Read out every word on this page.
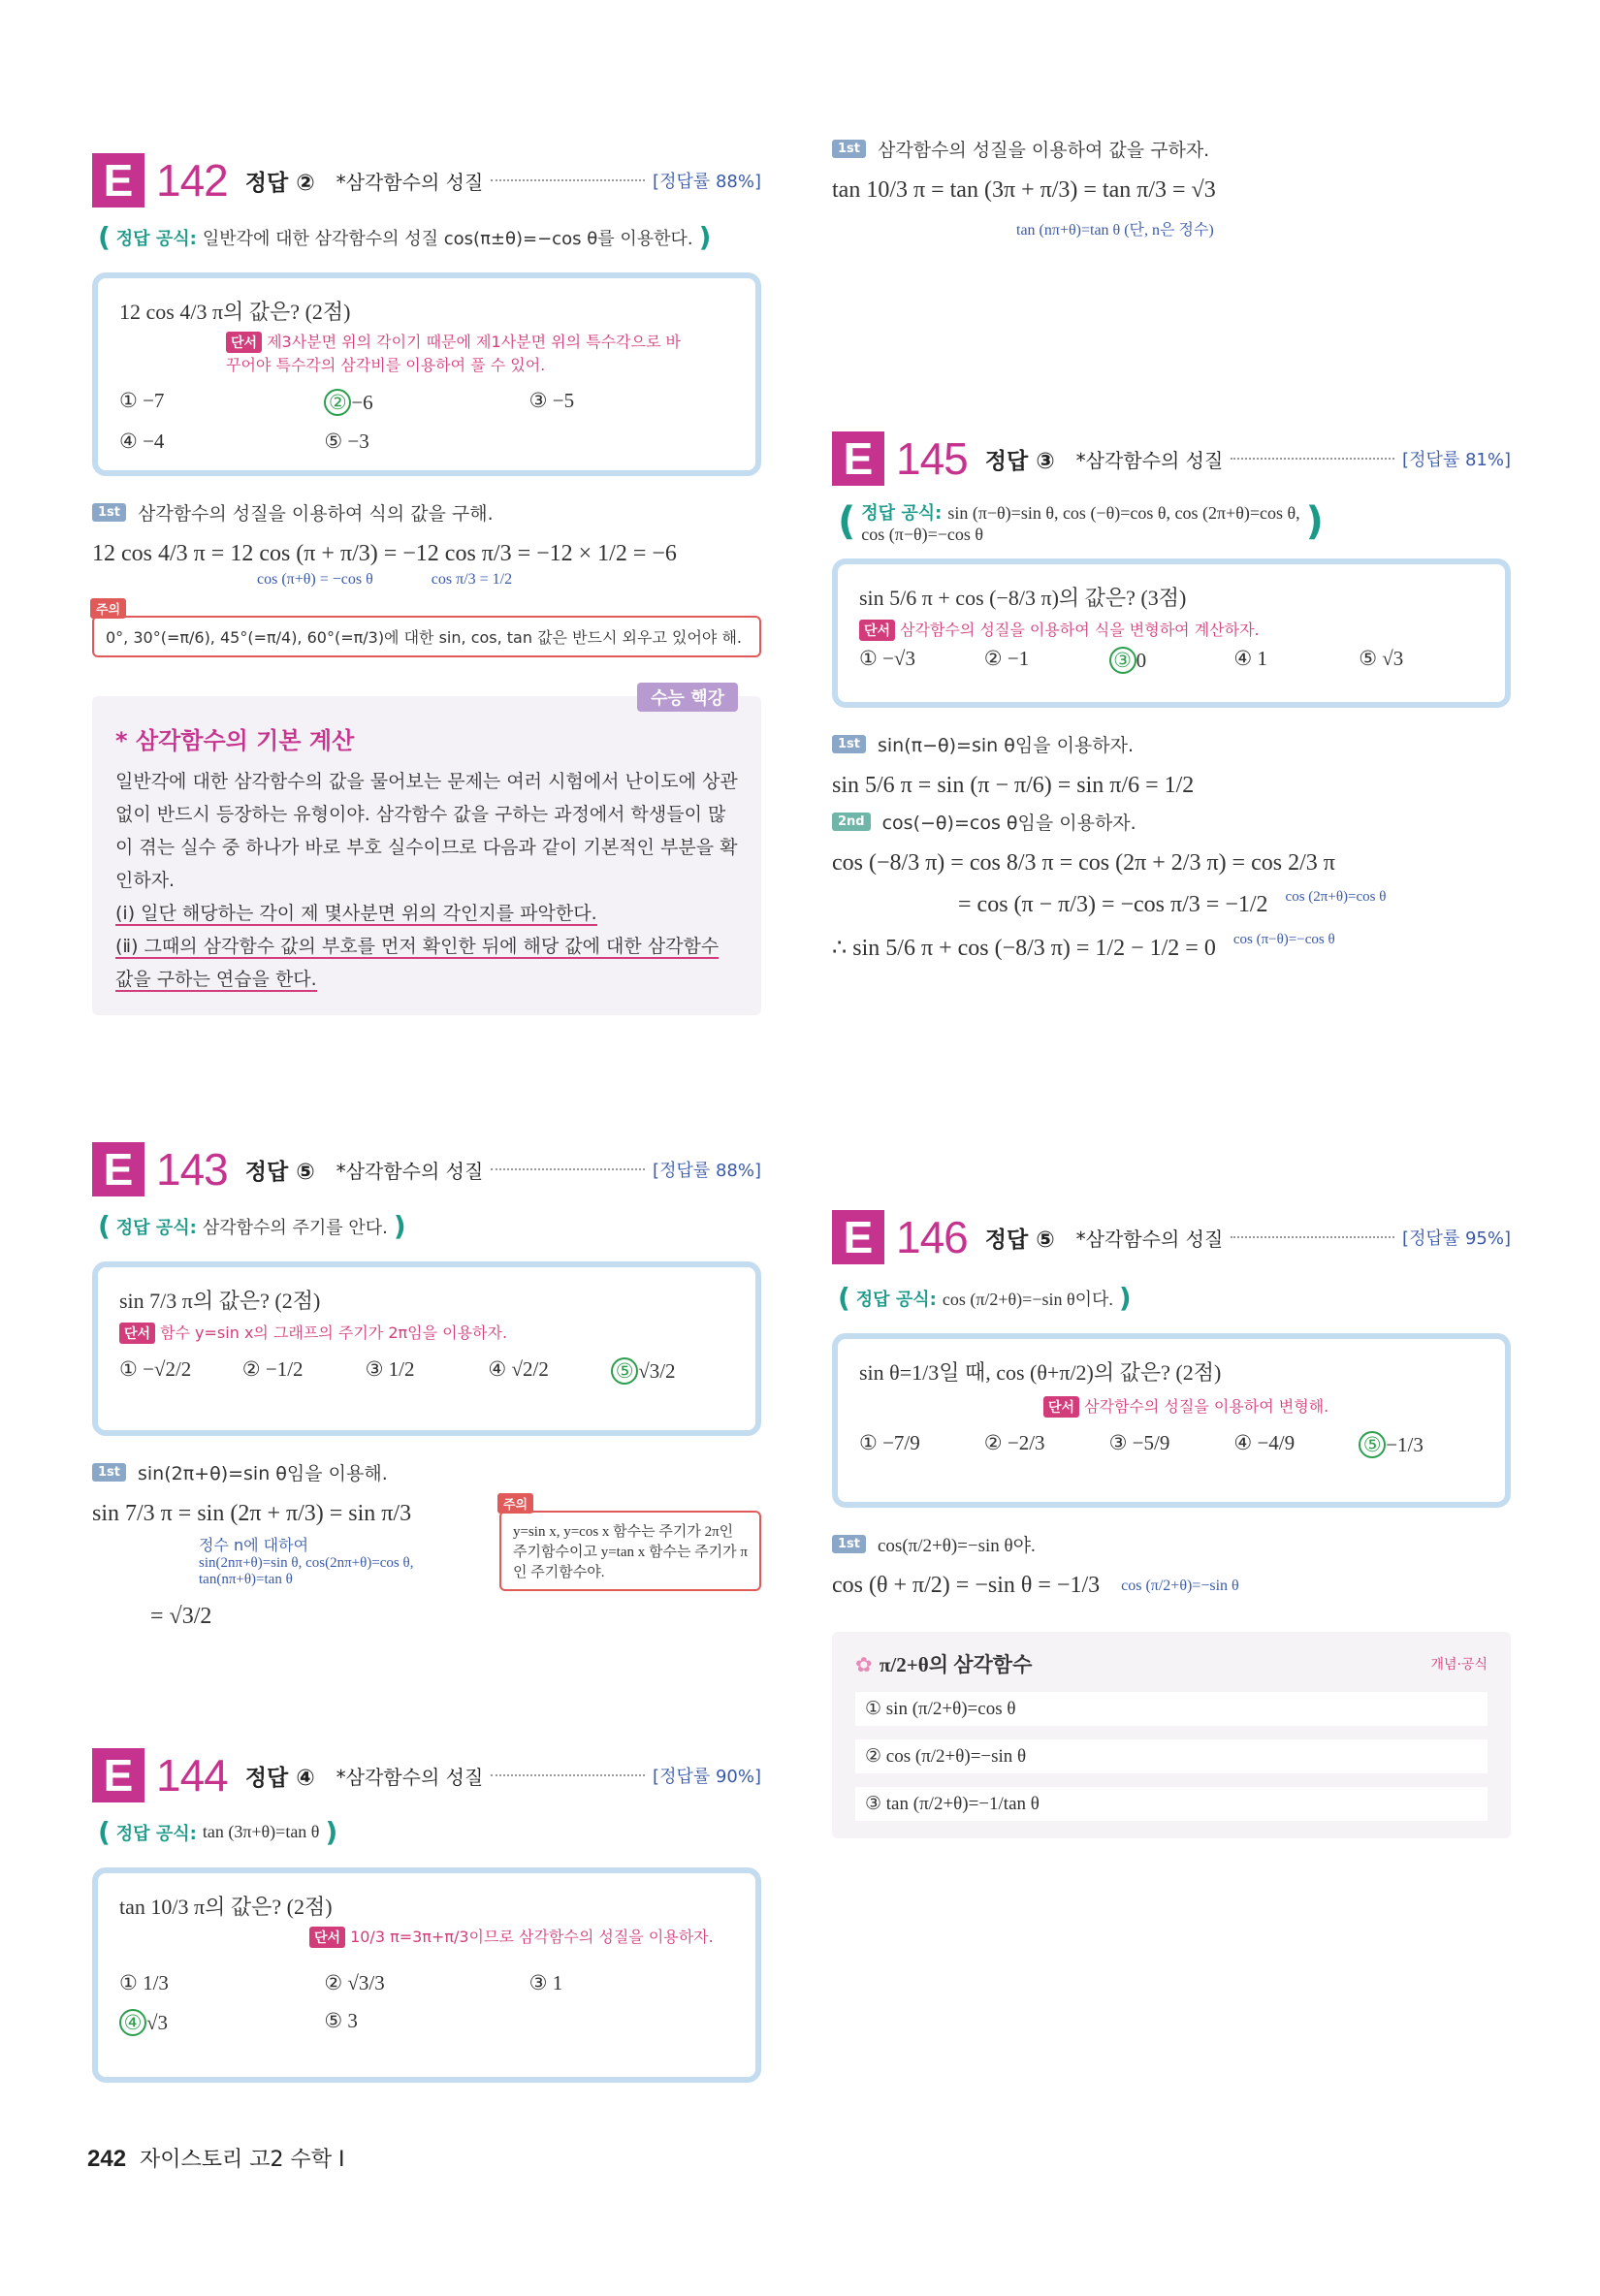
E 142 정답 ② *삼각함수의 성질	[정답률 88%]
( 정답 공식: 일반각에 대한 삼각함수의 성질 cos(π±θ)=−cos θ를 이용한다. )
12 cos 4/3 π의 값은? (2점)
단서 제3사분면 위의 각이기 때문에 제1사분면 위의 특수각으로 바꾸어야 특수각의 삼각비를 이용하여 풀 수 있어.
① −7	② −6	③ −5
④ −4	⑤ −3
1st 삼각함수의 성질을 이용하여 식의 값을 구해.
12 cos 4/3 π = 12 cos (π + π/3) = −12 cos π/3 = −12 × 1/2 = −6
cos (π+θ) = −cos θ	cos π/3 = 1/2
주의
0°, 30°(=π/6), 45°(=π/4), 60°(=π/3)에 대한 sin, cos, tan 값은 반드시 외우고 있어야 해.
수능 핵강
* 삼각함수의 기본 계산

일반각에 대한 삼각함수의 값을 물어보는 문제는 여러 시험에서 난이도에 상관없이 반드시 등장하는 유형이야. 삼각함수 값을 구하는 과정에서 학생들이 많이 겪는 실수 중 하나가 바로 부호 실수이므로 다음과 같이 기본적인 부분을 확인하자.

(ⅰ) 일단 해당하는 각이 제 몇사분면 위의 각인지를 파악한다.

(ⅱ) 그때의 삼각함수 값의 부호를 먼저 확인한 뒤에 해당 값에 대한 삼각함수 값을 구하는 연습을 한다.

E 143 정답 ⑤ *삼각함수의 성질	[정답률 88%]
( 정답 공식: 삼각함수의 주기를 안다. )
sin 7/3 π의 값은? (2점)
단서 함수 y=sin x의 그래프의 주기가 2π임을 이용하자.
① −√2/2	② −1/2	③ 1/2	④ √2/2	⑤ √3/2
1st sin(2π+θ)=sin θ임을 이용해.
sin 7/3 π = sin (2π + π/3) = sin π/3
정수 n에 대하여
sin(2nπ+θ)=sin θ, cos(2nπ+θ)=cos θ, tan(nπ+θ)=tan θ
= √3/2
주의
y=sin x, y=cos x 함수는 주기가 2π인 주기함수이고 y=tan x 함수는 주기가 π인 주기함수야.
E 144 정답 ④ *삼각함수의 성질	[정답률 90%]
( 정답 공식: tan (3π+θ)=tan θ )
tan 10/3 π의 값은? (2점)
단서 10/3 π=3π+π/3이므로 삼각함수의 성질을 이용하자.
① 1/3	② √3/3	③ 1
④ √3	⑤ 3
1st 삼각함수의 성질을 이용하여 값을 구하자.
tan 10/3 π = tan (3π + π/3) = tan π/3 = √3
tan (nπ+θ)=tan θ (단, n은 정수)
E 145 정답 ③ *삼각함수의 성질	[정답률 81%]
( 정답 공식: sin (π−θ)=sin θ, cos (−θ)=cos θ, cos (2π+θ)=cos θ,
cos (π−θ)=−cos θ	)
sin 5/6 π + cos (−8/3 π)의 값은? (3점)
단서 삼각함수의 성질을 이용하여 식을 변형하여 계산하자.
① −√3	② −1	③ 0	④ 1	⑤ √3
1st sin(π−θ)=sin θ임을 이용하자.
sin 5/6 π = sin (π − π/6) = sin π/6 = 1/2
2nd cos(−θ)=cos θ임을 이용하자.
cos (−8/3 π) = cos 8/3 π = cos (2π + 2/3 π) = cos 2/3 π
= cos (π − π/3) = −cos π/3 = −1/2 cos (2π+θ)=cos θ
∴ sin 5/6 π + cos (−8/3 π) = 1/2 − 1/2 = 0 cos (π−θ)=−cos θ
E 146 정답 ⑤ *삼각함수의 성질	[정답률 95%]
( 정답 공식: cos (π/2+θ)=−sin θ이다. )
sin θ=1/3일 때, cos (θ+π/2)의 값은? (2점)
단서 삼각함수의 성질을 이용하여 변형해.
① −7/9	② −2/3	③ −5/9	④ −4/9	⑤ −1/3
1st cos(π/2+θ)=−sin θ야.
cos (θ + π/2) = −sin θ = −1/3 cos (π/2+θ)=−sin θ
✿ π/2+θ의 삼각함수	개념·공식
① sin (π/2+θ)=cos θ
② cos (π/2+θ)=−sin θ
③ tan (π/2+θ)=−1/tan θ
242 자이스토리 고2 수학 I
